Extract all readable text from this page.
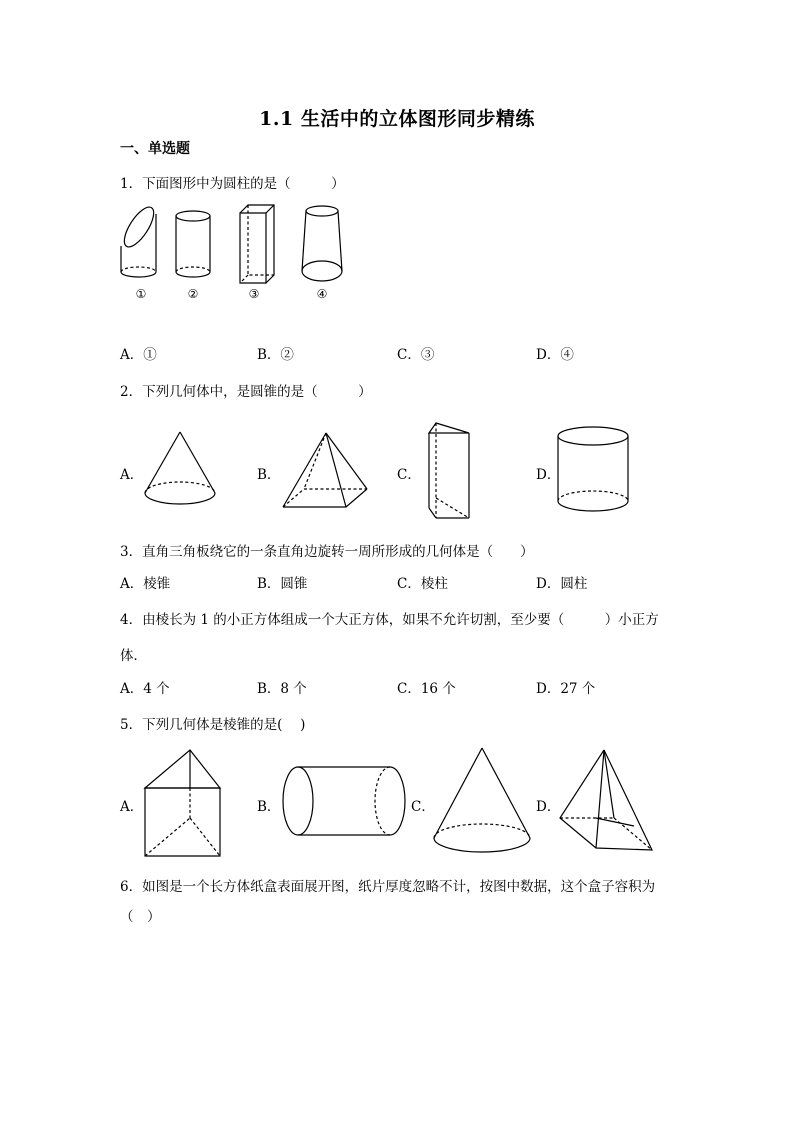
1.1 生活中的立体图形同步精练
一、单选题
1．下面图形中为圆柱的是（　　　）
①	②	③	④
A．①	B．②	C．③	D．④
2．下列几何体中，是圆锥的是（　　　）
A．	B．	C．	D．
3．直角三角板绕它的一条直角边旋转一周所形成的几何体是（　　）
A．棱锥	B．圆锥	C．棱柱	D．圆柱
4．由棱长为 1 的小正方体组成一个大正方体，如果不允许切割，至少要（　　　）小正方
体．
A．4 个	B．8 个	C．16 个	D．27 个
5．下列几何体是棱锥的是(　 )
A．	B．	C．	D．
6．如图是一个长方体纸盒表面展开图，纸片厚度忽略不计，按图中数据，这个盒子容积为
（　）
